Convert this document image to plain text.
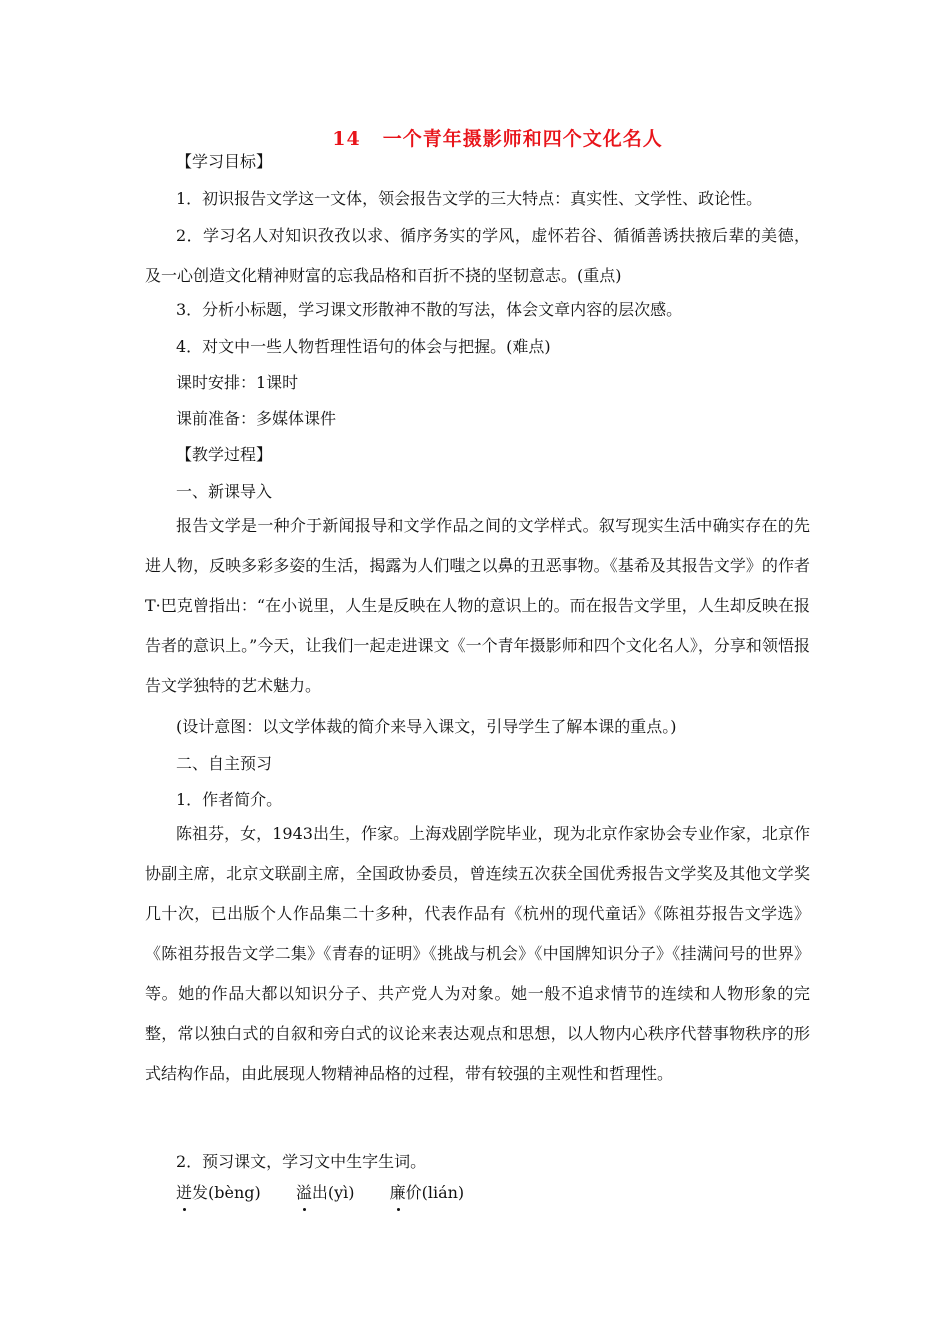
14 一个青年摄影师和四个文化名人
【学习目标】
1．初识报告文学这一文体，领会报告文学的三大特点：真实性、文学性、政论性。
2．学习名人对知识孜孜以求、循序务实的学风，虚怀若谷、循循善诱扶掖后辈的美德，及一心创造文化精神财富的忘我品格和百折不挠的坚韧意志。(重点)
3．分析小标题，学习课文形散神不散的写法，体会文章内容的层次感。
4．对文中一些人物哲理性语句的体会与把握。(难点)
课时安排：1课时
课前准备：多媒体课件
【教学过程】
一、新课导入
报告文学是一种介于新闻报导和文学作品之间的文学样式。叙写现实生活中确实存在的先进人物，反映多彩多姿的生活，揭露为人们嗤之以鼻的丑恶事物。《基希及其报告文学》的作者T·巴克曾指出：“在小说里，人生是反映在人物的意识上的。而在报告文学里，人生却反映在报告者的意识上。”今天，让我们一起走进课文《一个青年摄影师和四个文化名人》，分享和领悟报告文学独特的艺术魅力。
(设计意图：以文学体裁的简介来导入课文，引导学生了解本课的重点。)
二、自主预习
1．作者简介。
陈祖芬，女，1943出生，作家。上海戏剧学院毕业，现为北京作家协会专业作家，北京作协副主席，北京文联副主席，全国政协委员，曾连续五次获全国优秀报告文学奖及其他文学奖几十次，已出版个人作品集二十多种，代表作品有《杭州的现代童话》《陈祖芬报告文学选》《陈祖芬报告文学二集》《青春的证明》《挑战与机会》《中国牌知识分子》《挂满问号的世界》等。她的作品大都以知识分子、共产党人为对象。她一般不追求情节的连续和人物形象的完整，常以独白式的自叙和旁白式的议论来表达观点和思想，以人物内心秩序代替事物秩序的形式结构作品，由此展现人物精神品格的过程，带有较强的主观性和哲理性。
2．预习课文，学习文中生字生词。
迸发(bèng) 溢出(yì) 廉价(lián)
